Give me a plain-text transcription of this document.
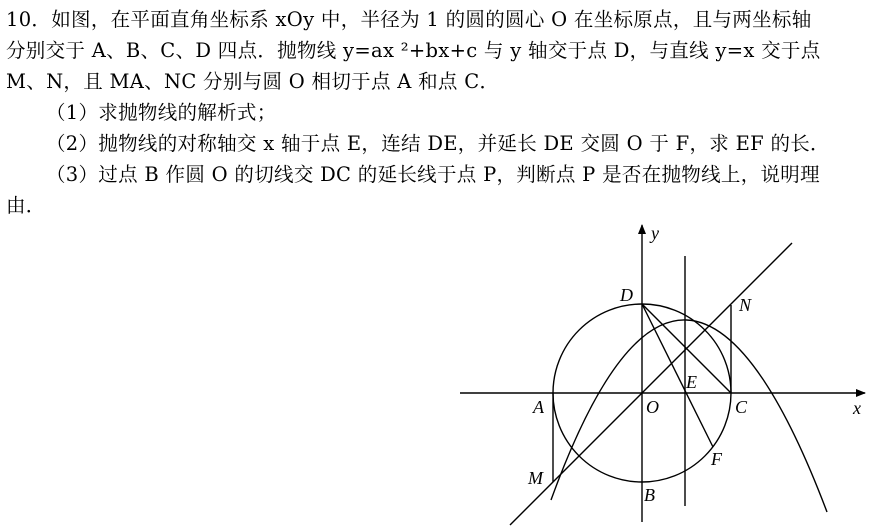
10．如图，在平面直角坐标系 xOy 中，半径为 1 的圆的圆心 O 在坐标原点，且与两坐标轴
分别交于 A、B、C、D 四点．抛物线 y=ax ²+bx+c 与 y 轴交于点 D，与直线 y=x 交于点
M、N，且 MA、NC 分别与圆 O 相切于点 A 和点 C．
（1）求抛物线的解析式；
（2）抛物线的对称轴交 x 轴于点 E，连结 DE，并延长 DE 交圆 O 于 F，求 EF 的长．
（3）过点 B 作圆 O 的切线交 DC 的延长线于点 P，判断点 P 是否在抛物线上，说明理
由．
y
x
D	N
E
A	O	C
F
M
B
